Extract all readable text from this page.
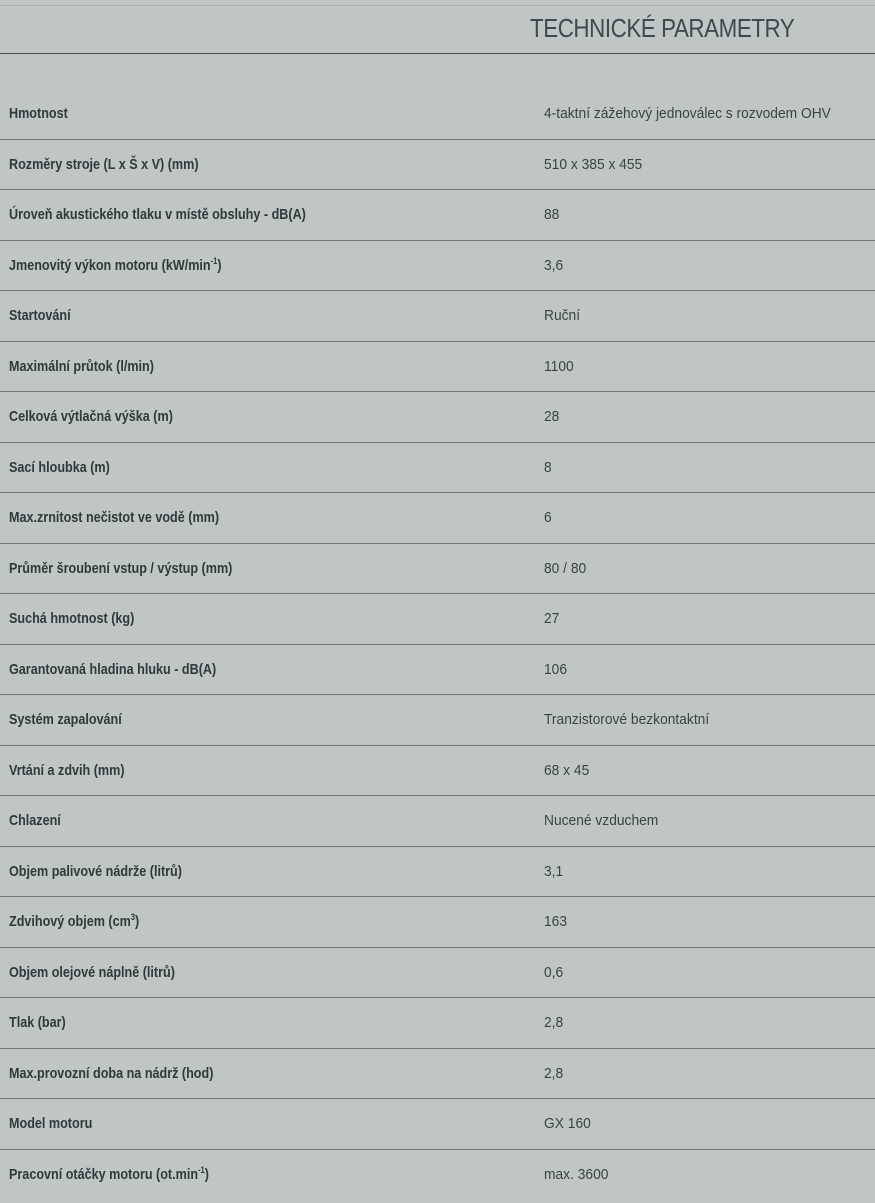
TECHNICKÉ PARAMETRY
Hmotnost	4-taktní zážehový jednoválec s rozvodem OHV
Rozměry stroje (L x Š x V) (mm)	510 x 385 x 455
Úroveň akustického tlaku v místě obsluhy - dB(A)	88
Jmenovitý výkon motoru $(kW/\min^{-1})$	3,6
Startování	Ruční
Maximální průtok (l/min)	1100
Celková výtlačná výška (m)	28
Sací hloubka (m)	8
Max.zrnitost nečistot ve vodě (mm)	6
Průměr šroubení vstup / výstup (mm)	80 / 80
Suchá hmotnost (kg)	27
Garantovaná hladina hluku - dB(A)	106
Systém zapalování	Tranzistorové bezkontaktní
Vrtání a zdvih (mm)	68 x 45
Chlazení	Nucené vzduchem
Objem palivové nádrže (litrů)	3,1
Zdvihový objem $(cm^3)$	163
Objem olejové náplně (litrů)	0,6
Tlak (bar)	2,8
Max.provozní doba na nádrž (hod)	2,8
Model motoru	GX 160
Pracovní otáčky motoru $(ot.\min^{-1})$	max. 3600
